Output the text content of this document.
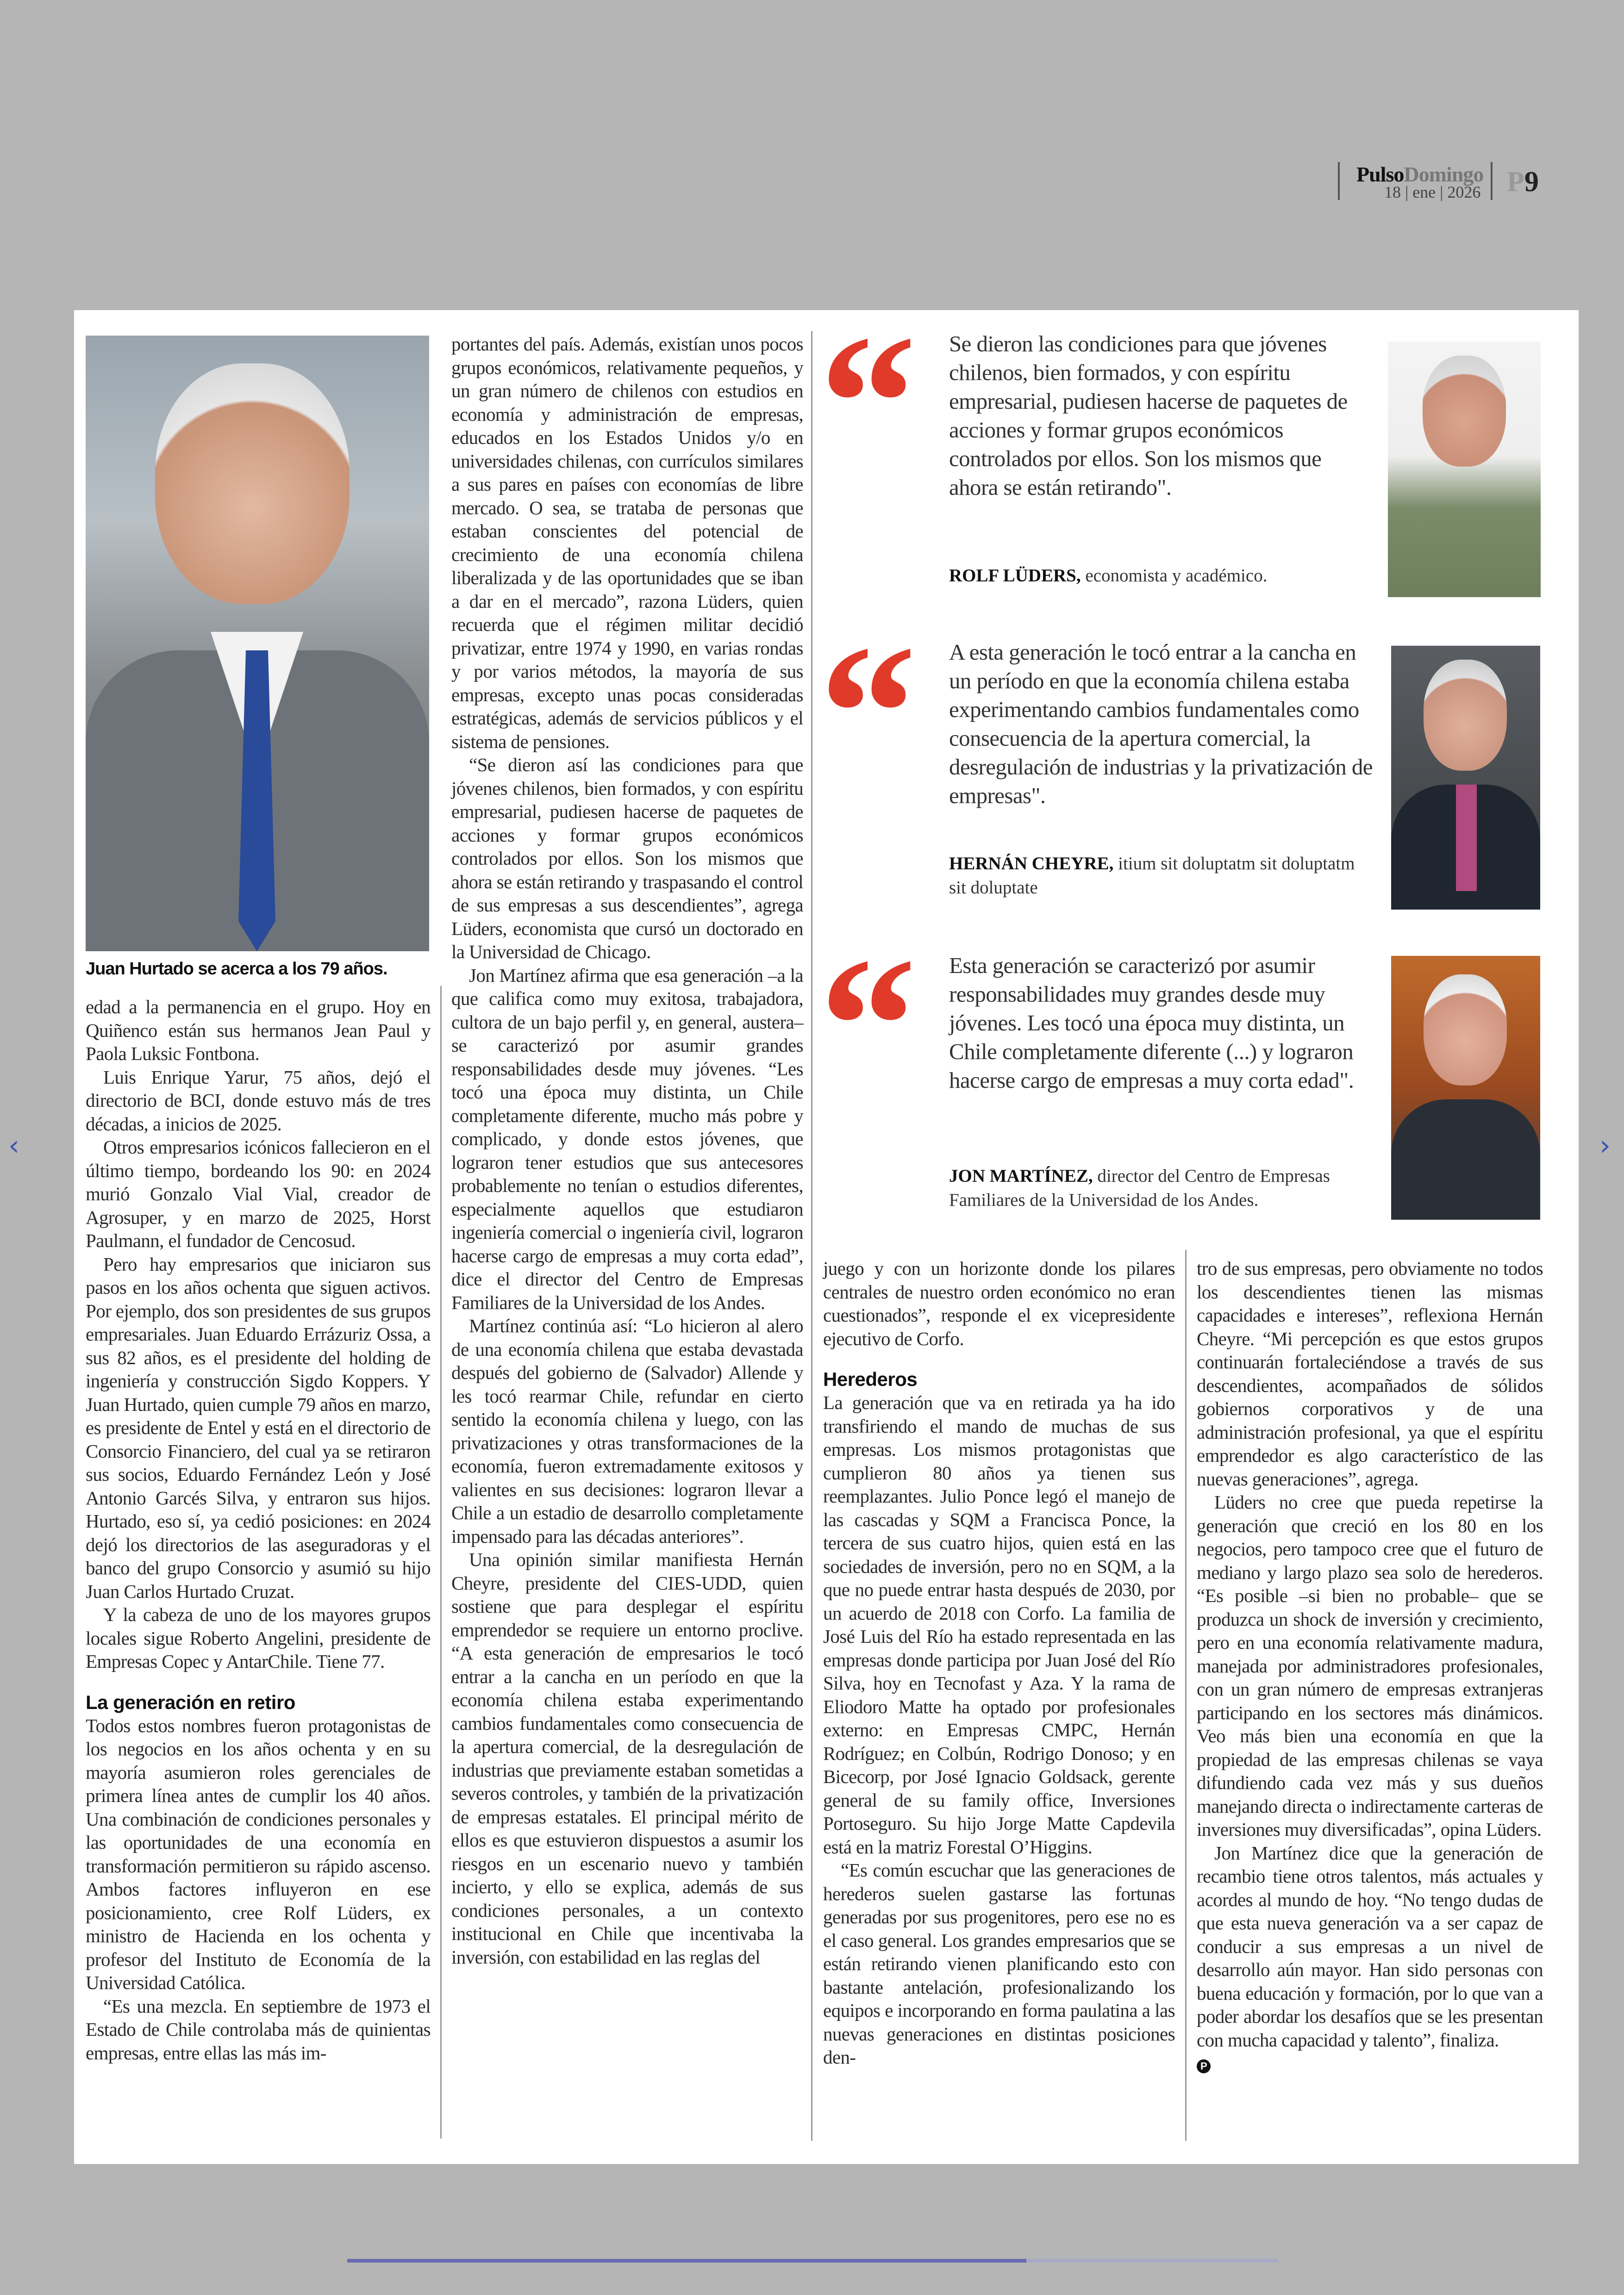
PulsoDomingo
18 | ene | 2026 P9
Juan Hurtado se acerca a los 79 años.

edad a la permanencia en el grupo. Hoy en Quiñenco están sus hermanos Jean Paul y Paola Luksic Fontbona.

Luis Enrique Yarur, 75 años, dejó el directorio de BCI, donde estuvo más de tres décadas, a inicios de 2025.

Otros empresarios icónicos fallecieron en el último tiempo, bordeando los 90: en 2024 murió Gonzalo Vial Vial, creador de Agrosuper, y en marzo de 2025, Horst Paulmann, el fundador de Cencosud.

Pero hay empresarios que iniciaron sus pasos en los años ochenta que siguen activos. Por ejemplo, dos son presidentes de sus grupos empresariales. Juan Eduardo Errázuriz Ossa, a sus 82 años, es el presidente del holding de ingeniería y construcción Sigdo Koppers. Y Juan Hurtado, quien cumple 79 años en marzo, es presidente de Entel y está en el directorio de Consorcio Financiero, del cual ya se retiraron sus socios, Eduardo Fernández León y José Antonio Garcés Silva, y entraron sus hijos. Hurtado, eso sí, ya cedió posiciones: en 2024 dejó los directorios de las aseguradoras y el banco del grupo Consorcio y asumió su hijo Juan Carlos Hurtado Cruzat.

Y la cabeza de uno de los mayores grupos locales sigue Roberto Angelini, presidente de Empresas Copec y AntarChile. Tiene 77.

La generación en retiro

Todos estos nombres fueron protagonistas de los negocios en los años ochenta y en su mayoría asumieron roles gerenciales de primera línea antes de cumplir los 40 años. Una combinación de condiciones personales y las oportunidades de una economía en transformación permitieron su rápido ascenso. Ambos factores influyeron en ese posicionamiento, cree Rolf Lüders, ex ministro de Hacienda en los ochenta y profesor del Instituto de Economía de la Universidad Católica.

“Es una mezcla. En septiembre de 1973 el Estado de Chile controlaba más de quinientas empresas, entre ellas las más im-

portantes del país. Además, existían unos pocos grupos económicos, relativamente pequeños, y un gran número de chilenos con estudios en economía y administración de empresas, educados en los Estados Unidos y/o en universidades chilenas, con currículos similares a sus pares en países con economías de libre mercado. O sea, se trataba de personas que estaban conscientes del potencial de crecimiento de una economía chilena liberalizada y de las oportunidades que se iban a dar en el mercado”, razona Lüders, quien recuerda que el régimen militar decidió privatizar, entre 1974 y 1990, en varias rondas y por varios métodos, la mayoría de sus empresas, excepto unas pocas consideradas estratégicas, además de servicios públicos y el sistema de pensiones.

“Se dieron así las condiciones para que jóvenes chilenos, bien formados, y con espíritu empresarial, pudiesen hacerse de paquetes de acciones y formar grupos económicos controlados por ellos. Son los mismos que ahora se están retirando y traspasando el control de sus empresas a sus descendientes”, agrega Lüders, economista que cursó un doctorado en la Universidad de Chicago.

Jon Martínez afirma que esa generación –a la que califica como muy exitosa, trabajadora, cultora de un bajo perfil y, en general, austera– se caracterizó por asumir grandes responsabilidades desde muy jóvenes. “Les tocó una época muy distinta, un Chile completamente diferente, mucho más pobre y complicado, y donde estos jóvenes, que lograron tener estudios que sus antecesores probablemente no tenían o estudios diferentes, especialmente aquellos que estudiaron ingeniería comercial o ingeniería civil, lograron hacerse cargo de empresas a muy corta edad”, dice el director del Centro de Empresas Familiares de la Universidad de los Andes.

Martínez continúa así: “Lo hicieron al alero de una economía chilena que estaba devastada después del gobierno de (Salvador) Allende y les tocó rearmar Chile, refundar en cierto sentido la economía chilena y luego, con las privatizaciones y otras transformaciones de la economía, fueron extremadamente exitosos y valientes en sus decisiones: lograron llevar a Chile a un estadio de desarrollo completamente impensado para las décadas anteriores”.

Una opinión similar manifiesta Hernán Cheyre, presidente del CIES-UDD, quien sostiene que para desplegar el espíritu emprendedor se requiere un entorno proclive. “A esta generación de empresarios le tocó entrar a la cancha en un período en que la economía chilena estaba experimentando cambios fundamentales como consecuencia de la apertura comercial, de la desregulación de industrias que previamente estaban sometidas a severos controles, y también de la privatización de empresas estatales. El principal mérito de ellos es que estuvieron dispuestos a asumir los riesgos en un escenario nuevo y también incierto, y ello se explica, además de sus condiciones personales, a un contexto institucional en Chile que incentivaba la inversión, con estabilidad en las reglas del

“ Se dieron las condiciones para que jóvenes chilenos, bien formados, y con espíritu empresarial, pudiesen hacerse de paquetes de acciones y formar grupos económicos controlados por ellos. Son los mismos que ahora se están retirando".
ROLF LÜDERS, economista y académico.
“ A esta generación le tocó entrar a la cancha en un período en que la economía chilena estaba experimentando cambios fundamentales como consecuencia de la apertura comercial, la desregulación de industrias y la privatización de empresas".
HERNÁN CHEYRE, itium sit doluptatm sit doluptatm sit doluptate
“ Esta generación se caracterizó por asumir responsabilidades muy grandes desde muy jóvenes. Les tocó una época muy distinta, un Chile completamente diferente (...) y lograron hacerse cargo de empresas a muy corta edad".
JON MARTÍNEZ, director del Centro de Empresas Familiares de la Universidad de los Andes.

juego y con un horizonte donde los pilares centrales de nuestro orden económico no eran cuestionados”, responde el ex vicepresidente ejecutivo de Corfo.

Herederos

La generación que va en retirada ya ha ido transfiriendo el mando de muchas de sus empresas. Los mismos protagonistas que cumplieron 80 años ya tienen sus reemplazantes. Julio Ponce legó el manejo de las cascadas y SQM a Francisca Ponce, la tercera de sus cuatro hijos, quien está en las sociedades de inversión, pero no en SQM, a la que no puede entrar hasta después de 2030, por un acuerdo de 2018 con Corfo. La familia de José Luis del Río ha estado representada en las empresas donde participa por Juan José del Río Silva, hoy en Tecnofast y Aza. Y la rama de Eliodoro Matte ha optado por profesionales externo: en Empresas CMPC, Hernán Rodríguez; en Colbún, Rodrigo Donoso; y en Bicecorp, por José Ignacio Goldsack, gerente general de su family office, Inversiones Portoseguro. Su hijo Jorge Matte Capdevila está en la matriz Forestal O’Higgins.

“Es común escuchar que las generaciones de herederos suelen gastarse las fortunas generadas por sus progenitores, pero ese no es el caso general. Los grandes empresarios que se están retirando vienen planificando esto con bastante antelación, profesionalizando los equipos e incorporando en forma paulatina a las nuevas generaciones en distintas posiciones den-

tro de sus empresas, pero obviamente no todos los descendientes tienen las mismas capacidades e intereses”, reflexiona Hernán Cheyre. “Mi percepción es que estos grupos continuarán fortaleciéndose a través de sus descendientes, acompañados de sólidos gobiernos corporativos y de una administración profesional, ya que el espíritu emprendedor es algo característico de las nuevas generaciones”, agrega.

Lüders no cree que pueda repetirse la generación que creció en los 80 en los negocios, pero tampoco cree que el futuro de mediano y largo plazo sea solo de herederos. “Es posible –si bien no probable– que se produzca un shock de inversión y crecimiento, pero en una economía relativamente madura, manejada por administradores profesionales, con un gran número de empresas extranjeras participando en los sectores más dinámicos. Veo más bien una economía en que la propiedad de las empresas chilenas se vaya difundiendo cada vez más y sus dueños manejando directa o indirectamente carteras de inversiones muy diversificadas”, opina Lüders.

Jon Martínez dice que la generación de recambio tiene otros talentos, más actuales y acordes al mundo de hoy. “No tengo dudas de que esta nueva generación va a ser capaz de conducir a sus empresas a un nivel de desarrollo aún mayor. Han sido personas con buena educación y formación, por lo que van a poder abordar los desafíos que se les presentan con mucha capacidad y talento”, finaliza.

P
‹	›
